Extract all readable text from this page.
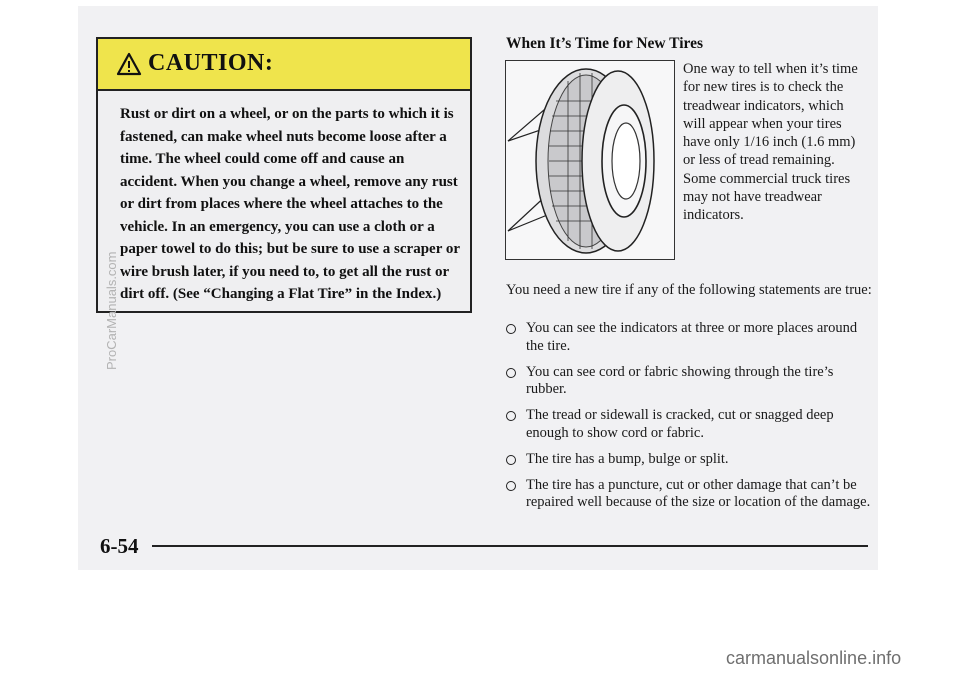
CAUTION:
Rust or dirt on a wheel, or on the parts to which it is fastened, can make wheel nuts become loose after a time. The wheel could come off and cause an accident. When you change a wheel, remove any rust or dirt from places where the wheel attaches to the vehicle. In an emergency, you can use a cloth or a paper towel to do this; but be sure to use a scraper or wire brush later, if you need to, to get all the rust or dirt off. (See “Changing a Flat Tire” in the Index.)
When It’s Time for New Tires
One way to tell when it’s time for new tires is to check the treadwear indicators, which will appear when your tires have only 1/16 inch (1.6 mm) or less of tread remaining. Some commercial truck tires may not have treadwear indicators.
You need a new tire if any of the following statements are true:
You can see the indicators at three or more places around the tire.
You can see cord or fabric showing through the tire’s rubber.
The tread or sidewall is cracked, cut or snagged deep enough to show cord or fabric.
The tire has a bump, bulge or split.
The tire has a puncture, cut or other damage that can’t be repaired well because of the size or location of the damage.
6-54
ProCarManuals.com
carmanualsonline.info
